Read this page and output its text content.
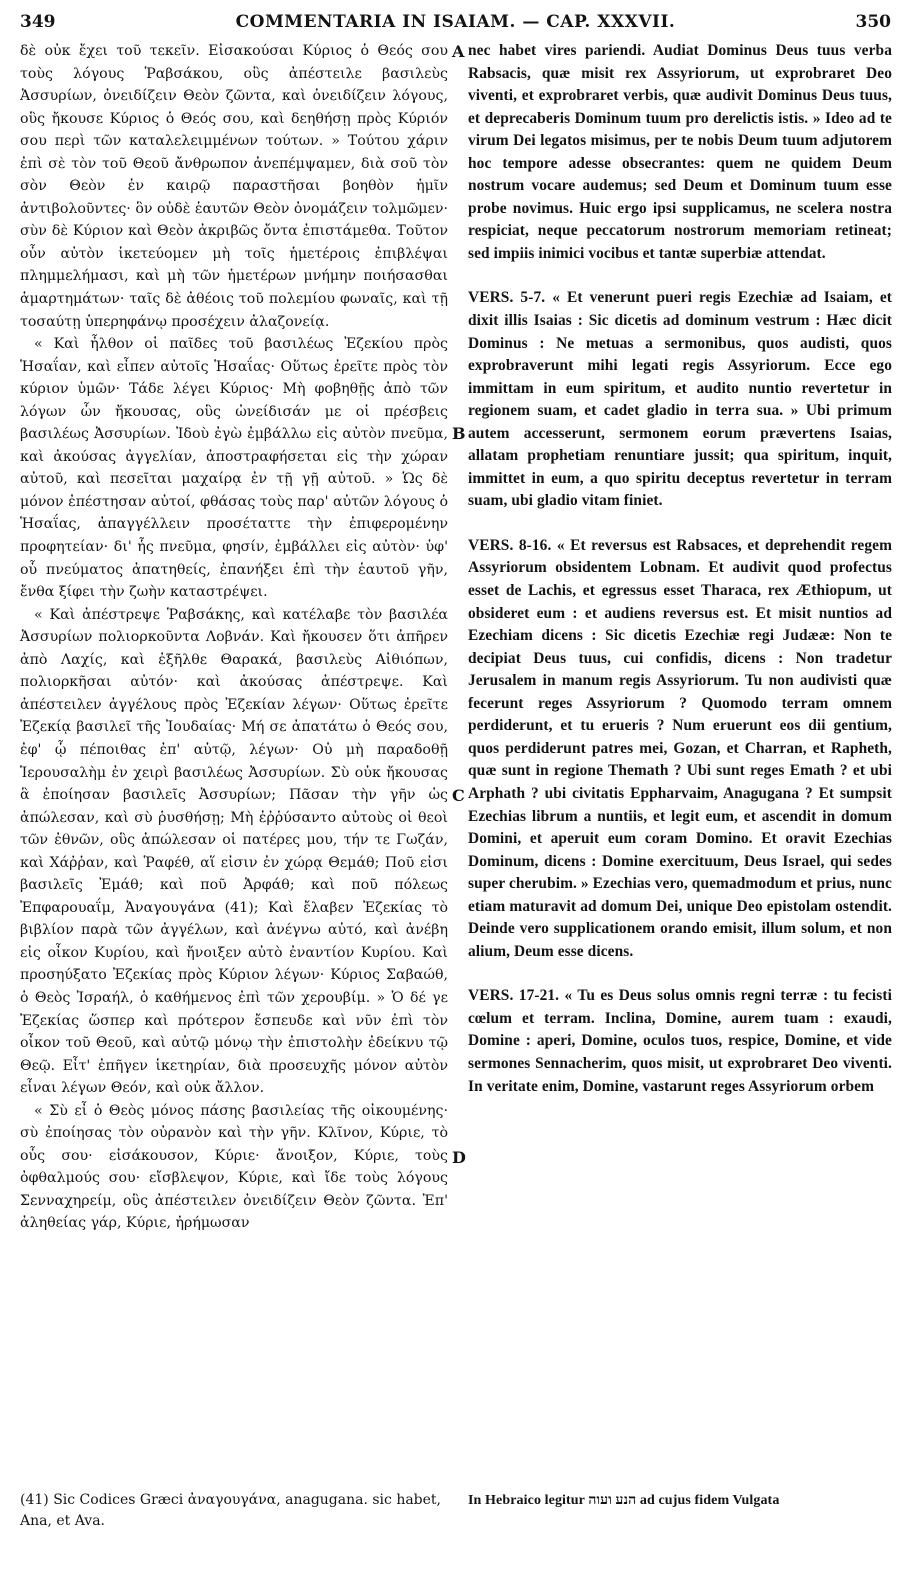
349	COMMENTARIA IN ISAIAM. — CAP. XXXVII.	350

δὲ οὐκ ἔχει τοῦ τεκεῖν. Εἰσακούσαι Κύριος ὁ Θεός σου τοὺς λόγους Ῥαβσάκου, οὓς ἀπέστειλε βασιλεὺς Ἀσσυρίων, ὀνειδίζειν Θεὸν ζῶντα, καὶ ὀνειδίζειν λόγους, οὓς ἤκουσε Κύριος ὁ Θεός σου, καὶ δεηθήσῃ πρὸς Κύριόν σου περὶ τῶν καταλελειμμένων τούτων. » Τούτου χάριν ἐπὶ σὲ τὸν τοῦ Θεοῦ ἄνθρωπον ἀνεπέμψαμεν, διὰ σοῦ τὸν σὸν Θεὸν ἐν καιρῷ παραστῆσαι βοηθὸν ἡμῖν ἀντιβολοῦντες· ὃν οὐδὲ ἑαυτῶν Θεὸν ὀνομάζειν τολμῶμεν· σὺν δὲ Κύριον καὶ Θεὸν ἀκριβῶς ὄντα ἐπιστάμεθα. Τοῦτον οὖν αὐτὸν ἱκετεύομεν μὴ τοῖς ἡμετέροις ἐπιβλέψαι πλημμελήμασι, καὶ μὴ τῶν ἡμετέρων μνήμην ποιήσασθαι ἁμαρτημάτων· ταῖς δὲ ἀθέοις τοῦ πολεμίου φωναῖς, καὶ τῇ τοσαύτῃ ὑπερηφάνῳ προσέχειν ἀλαζονείᾳ.

« Καὶ ἦλθον οἱ παῖδες τοῦ βασιλέως Ἐζεκίου πρὸς Ἡσαΐαν, καὶ εἶπεν αὐτοῖς Ἡσαΐας· Οὕτως ἐρεῖτε πρὸς τὸν κύριον ὑμῶν· Τάδε λέγει Κύριος· Μὴ φοβηθῇς ἀπὸ τῶν λόγων ὧν ἤκουσας, οὓς ὠνείδισάν με οἱ πρέσβεις βασιλέως Ἀσσυρίων. Ἰδοὺ ἐγὼ ἐμβάλλω εἰς αὐτὸν πνεῦμα, καὶ ἀκούσας ἀγγελίαν, ἀποστραφήσεται εἰς τὴν χώραν αὐτοῦ, καὶ πεσεῖται μαχαίρᾳ ἐν τῇ γῇ αὐτοῦ. » Ὡς δὲ μόνον ἐπέστησαν αὐτοί, φθάσας τοὺς παρ' αὐτῶν λόγους ὁ Ἡσαΐας, ἀπαγγέλλειν προσέταττε τὴν ἐπιφερομένην προφητείαν· δι' ἧς πνεῦμα, φησίν, ἐμβάλλει εἰς αὐτὸν· ὑφ' οὗ πνεύματος ἀπατηθείς, ἐπανήξει ἐπὶ τὴν ἑαυτοῦ γῆν, ἔνθα ξίφει τὴν ζωὴν καταστρέψει.

« Καὶ ἀπέστρεψε Ῥαβσάκης, καὶ κατέλαβε τὸν βασιλέα Ἀσσυρίων πολιορκοῦντα Λοβνάν. Καὶ ἤκουσεν ὅτι ἀπῆρεν ἀπὸ Λαχίς, καὶ ἐξῆλθε Θαρακά, βασιλεὺς Αἰθιόπων, πολιορκῆσαι αὐτόν· καὶ ἀκούσας ἀπέστρεψε. Καὶ ἀπέστειλεν ἀγγέλους πρὸς Ἐζεκίαν λέγων· Οὕτως ἐρεῖτε Ἐζεκίᾳ βασιλεῖ τῆς Ἰουδαίας· Μή σε ἀπατάτω ὁ Θεός σου, ἐφ' ᾧ πέποιθας ἐπ' αὐτῷ, λέγων· Οὐ μὴ παραδοθῇ Ἱερουσαλὴμ ἐν χειρὶ βασιλέως Ἀσσυρίων. Σὺ οὐκ ἤκουσας ἃ ἐποίησαν βασιλεῖς Ἀσσυρίων; Πᾶσαν τὴν γῆν ὡς ἀπώλεσαν, καὶ σὺ ῥυσθήσῃ; Μὴ ἐῤῥύσαντο αὐτοὺς οἱ θεοὶ τῶν ἐθνῶν, οὓς ἀπώλεσαν οἱ πατέρες μου, τήν τε Γωζάν, καὶ Χάῤῥαν, καὶ Ῥαφέθ, αἵ εἰσιν ἐν χώρᾳ Θεμάθ; Ποῦ εἰσι βασιλεῖς Ἐμάθ; καὶ ποῦ Ἀρφάθ; καὶ ποῦ πόλεως Ἐπφαρουαΐμ, Ἀναγουγάνα (41); Καὶ ἔλαβεν Ἐζεκίας τὸ βιβλίον παρὰ τῶν ἀγγέλων, καὶ ἀνέγνω αὐτό, καὶ ἀνέβη εἰς οἶκον Κυρίου, καὶ ἤνοιξεν αὐτὸ ἐναντίον Κυρίου. Καὶ προσηύξατο Ἐζεκίας πρὸς Κύριον λέγων· Κύριος Σαβαώθ, ὁ Θεὸς Ἰσραήλ, ὁ καθήμενος ἐπὶ τῶν χερουβίμ. » Ὁ δέ γε Ἐζεκίας ὥσπερ καὶ πρότερον ἔσπευδε καὶ νῦν ἐπὶ τὸν οἶκον τοῦ Θεοῦ, καὶ αὐτῷ μόνῳ τὴν ἐπιστολὴν ἐδείκνυ τῷ Θεῷ. Εἶτ' ἐπῆγεν ἱκετηρίαν, διὰ προσευχῆς μόνον αὐτὸν εἶναι λέγων Θεόν, καὶ οὐκ ἄλλον.

« Σὺ εἶ ὁ Θεὸς μόνος πάσης βασιλείας τῆς οἰκουμένης· σὺ ἐποίησας τὸν οὐρανὸν καὶ τὴν γῆν. Κλῖνον, Κύριε, τὸ οὖς σου· εἰσάκουσον, Κύριε· ἄνοιξον, Κύριε, τοὺς ὀφθαλμούς σου· εἴσβλεψον, Κύριε, καὶ ἴδε τοὺς λόγους Σενναχηρείμ, οὓς ἀπέστειλεν ὀνειδίζειν Θεὸν ζῶντα. Ἐπ' ἀληθείας γάρ, Κύριε, ἠρήμωσαν

A
B
C
D

nec habet vires pariendi. Audiat Dominus Deus tuus verba Rabsacis, quæ misit rex Assyriorum, ut exprobraret Deo viventi, et exprobraret verbis, quæ audivit Dominus Deus tuus, et deprecaberis Dominum tuum pro derelictis istis. » Ideo ad te virum Dei legatos misimus, per te nobis Deum tuum adjutorem hoc tempore adesse obsecrantes: quem ne quidem Deum nostrum vocare audemus; sed Deum et Dominum tuum esse probe novimus. Huic ergo ipsi supplicamus, ne scelera nostra respiciat, neque peccatorum nostrorum memoriam retineat; sed impiis inimici vocibus et tantæ superbiæ attendat.

VERS. 5-7. « Et venerunt pueri regis Ezechiæ ad Isaiam, et dixit illis Isaias : Sic dicetis ad dominum vestrum : Hæc dicit Dominus : Ne metuas a sermonibus, quos audisti, quos exprobraverunt mihi legati regis Assyriorum. Ecce ego immittam in eum spiritum, et audito nuntio revertetur in regionem suam, et cadet gladio in terra sua. » Ubi primum autem accesserunt, sermonem eorum prævertens Isaias, allatam prophetiam renuntiare jussit; qua spiritum, inquit, immittet in eum, a quo spiritu deceptus revertetur in terram suam, ubi gladio vitam finiet.

VERS. 8-16. « Et reversus est Rabsaces, et deprehendit regem Assyriorum obsidentem Lobnam. Et audivit quod profectus esset de Lachis, et egressus esset Tharaca, rex Æthiopum, ut obsideret eum : et audiens reversus est. Et misit nuntios ad Ezechiam dicens : Sic dicetis Ezechiæ regi Judææ: Non te decipiat Deus tuus, cui confidis, dicens : Non tradetur Jerusalem in manum regis Assyriorum. Tu non audivisti quæ fecerunt reges Assyriorum ? Quomodo terram omnem perdiderunt, et tu erueris ? Num eruerunt eos dii gentium, quos perdiderunt patres mei, Gozan, et Charran, et Rapheth, quæ sunt in regione Themath ? Ubi sunt reges Emath ? et ubi Arphath ? ubi civitatis Eppharvaim, Anagugana ? Et sumpsit Ezechias librum a nuntiis, et legit eum, et ascendit in domum Domini, et aperuit eum coram Domino. Et oravit Ezechias Dominum, dicens : Domine exercituum, Deus Israel, qui sedes super cherubim. » Ezechias vero, quemadmodum et prius, nunc etiam maturavit ad domum Dei, unique Deo epistolam ostendit. Deinde vero supplicationem orando emisit, illum solum, et non alium, Deum esse dicens.

VERS. 17-21. « Tu es Deus solus omnis regni terræ : tu fecisti cœlum et terram. Inclina, Domine, aurem tuam : exaudi, Domine : aperi, Domine, oculos tuos, respice, Domine, et vide sermones Sennacherim, quos misit, ut exprobraret Deo viventi. In veritate enim, Domine, vastarunt reges Assyriorum orbem

(41) Sic Codices Græci ἀναγουγάνα, anagugana. sic habet, Ana, et Ava.
In Hebraico legitur הנע ועוה ad cujus fidem Vulgata
